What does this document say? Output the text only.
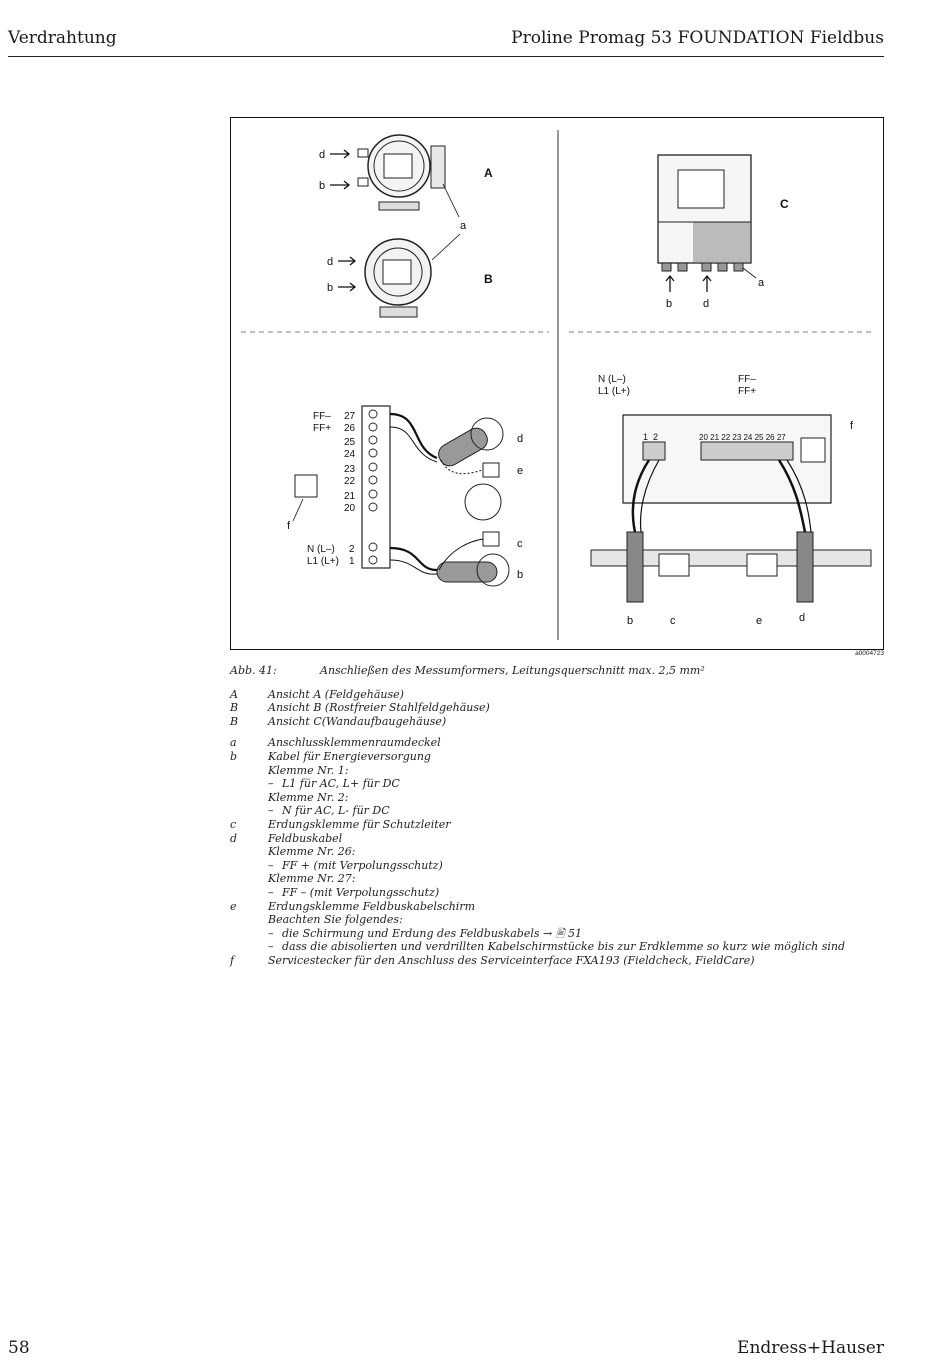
Verdrahtung	Proline Promag 53 FOUNDATION Fieldbus
d
b
A
a
d
b
B
C
a
b	d
FF–
FF+
27
26
25
24
23
22
21
20
N (L–)
L1 (L+)
2
1
d
e
c
b
f
N (L–)
L1 (L+)
FF–
FF+
1  2	20 21 22 23 24 25 26 27
f
b	c	e	d
a0004723
Abb. 41:	Anschließen des Messumformers, Leitungsquerschnitt max. 2,5 mm²
A	Ansicht A (Feldgehäuse)
B	Ansicht B (Rostfreier Stahlfeldgehäuse)
B	Ansicht C(Wandaufbaugehäuse)
a	Anschlussklemmenraumdeckel
b	Kabel für Energieversorgung
Klemme Nr. 1:
– L1 für AC, L+ für DC
Klemme Nr. 2:
– N für AC, L- für DC
c	Erdungsklemme für Schutzleiter
d	Feldbuskabel
Klemme Nr. 26:
– FF + (mit Verpolungsschutz)
Klemme Nr. 27:
– FF – (mit Verpolungsschutz)
e	Erdungsklemme Feldbuskabelschirm
Beachten Sie folgendes:
– die Schirmung und Erdung des Feldbuskabels → 🖹 51
– dass die abisolierten und verdrillten Kabelschirmstücke bis zur Erdklemme so kurz wie möglich sind
f	Servicestecker für den Anschluss des Serviceinterface FXA193 (Fieldcheck, FieldCare)
58	Endress+Hauser
